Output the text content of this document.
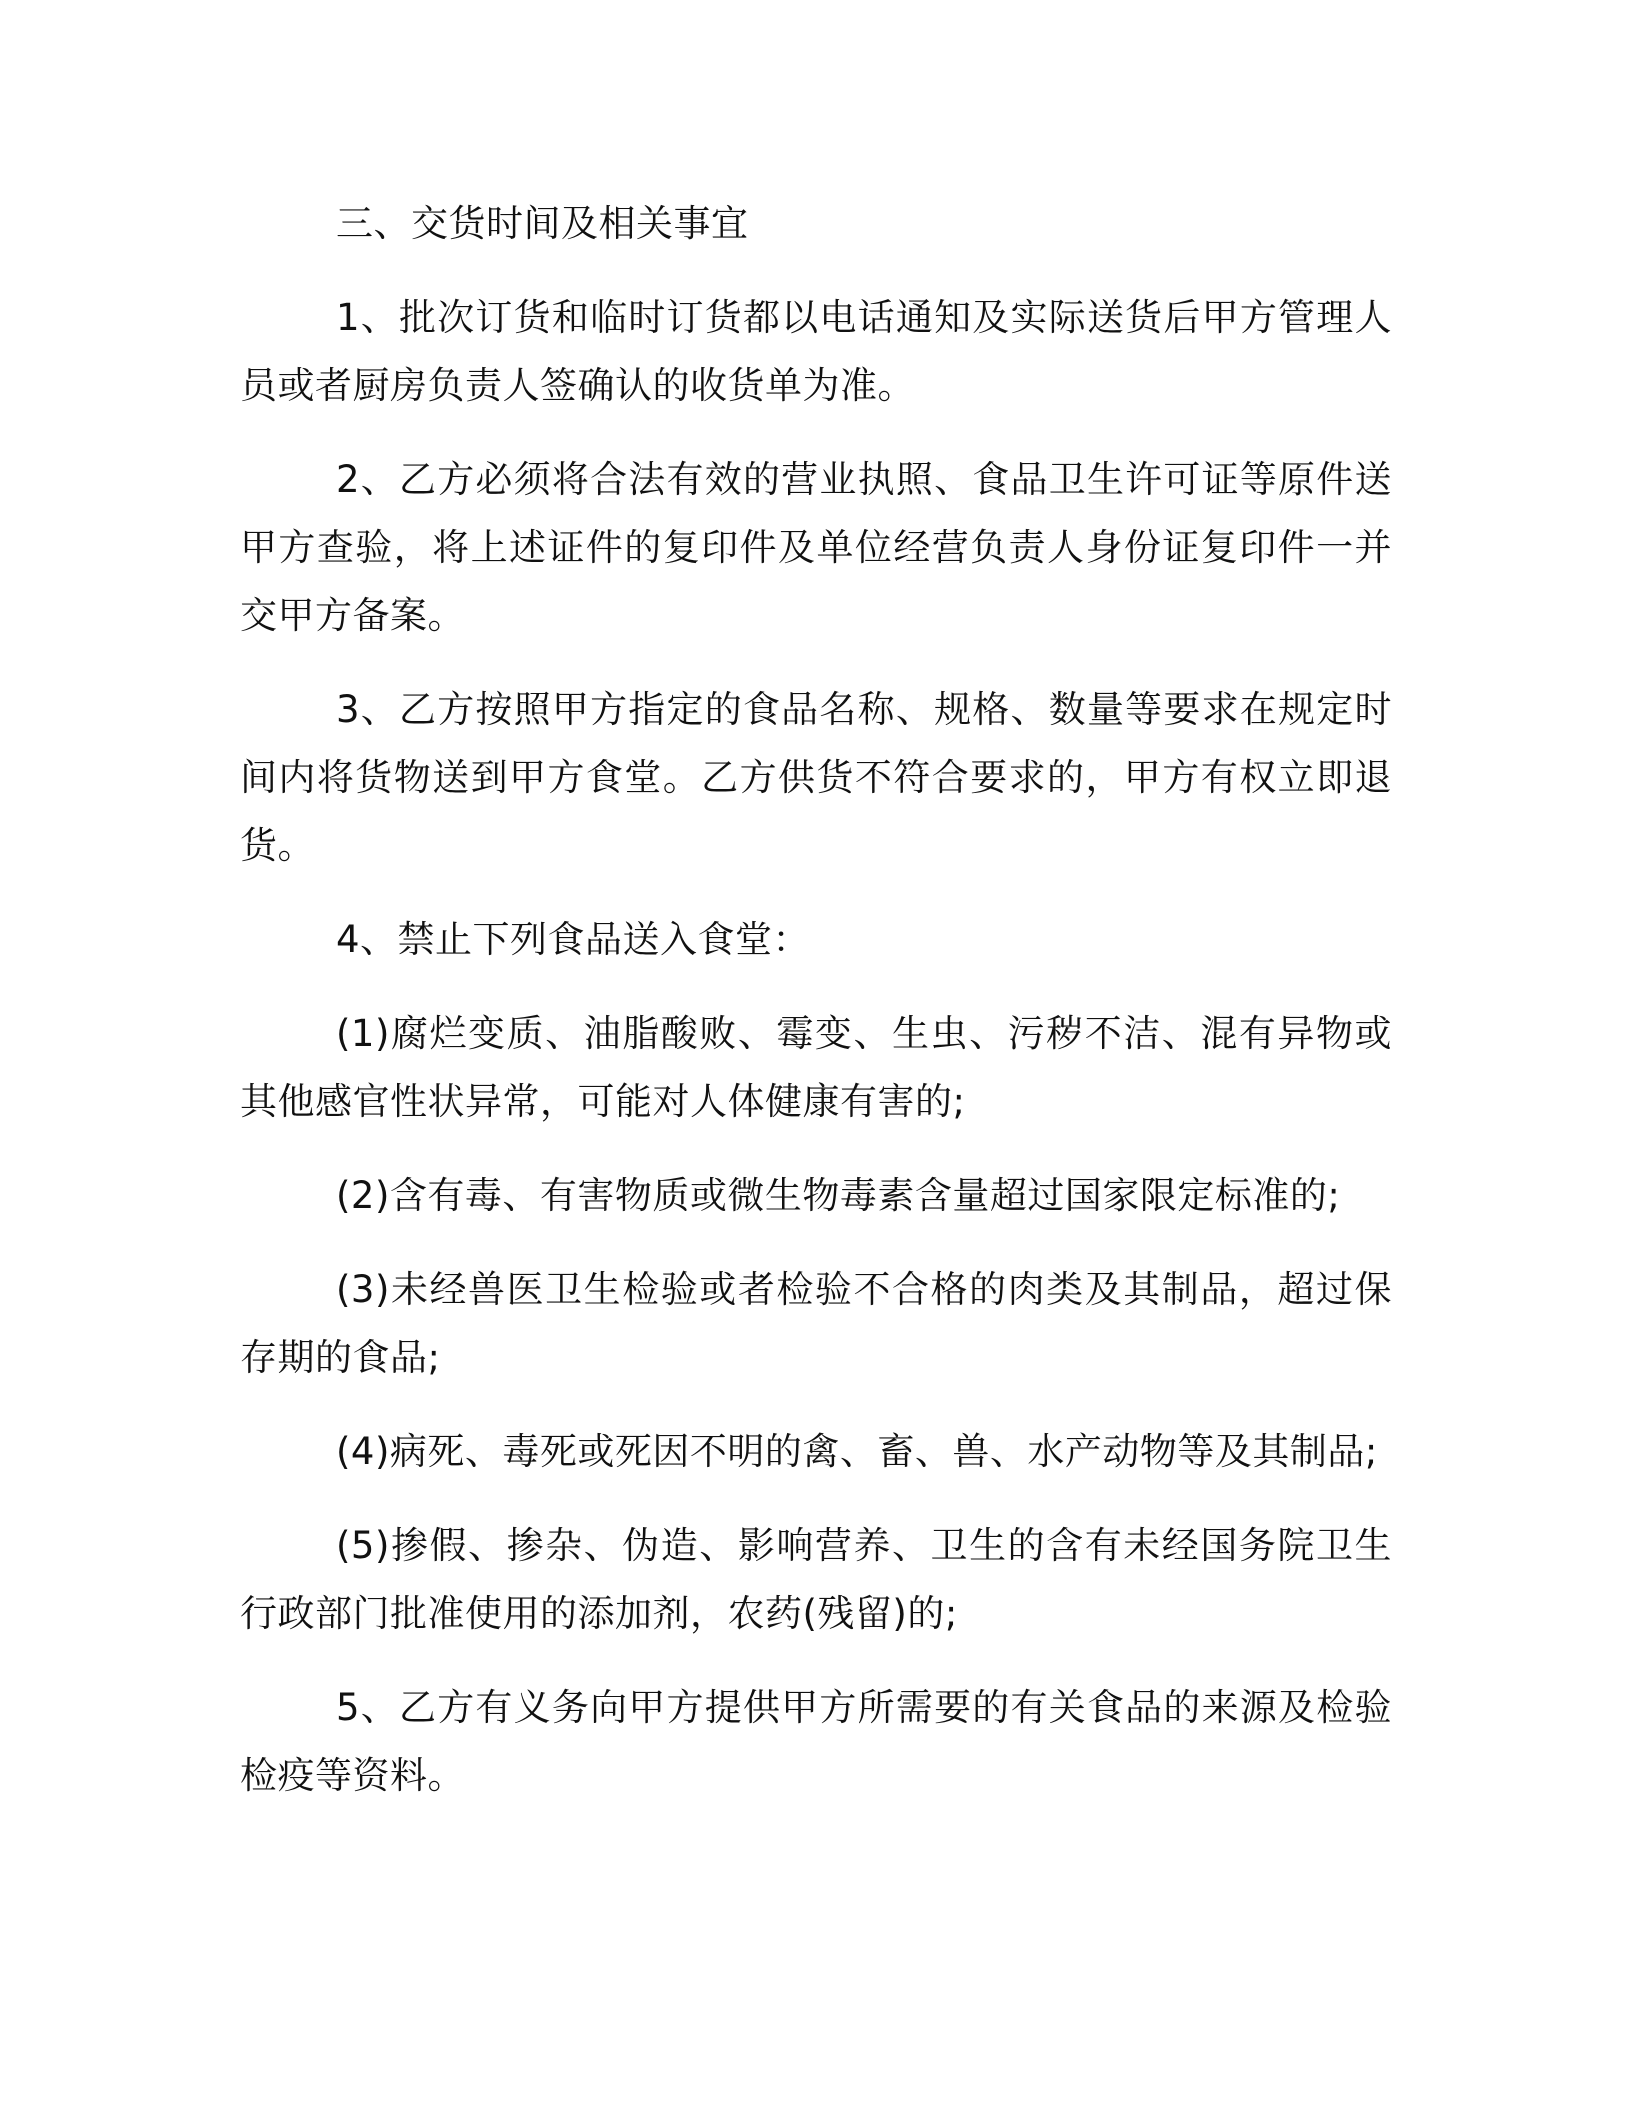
三、交货时间及相关事宜

1、批次订货和临时订货都以电话通知及实际送货后甲方管理人员或者厨房负责人签确认的收货单为准。

2、乙方必须将合法有效的营业执照、食品卫生许可证等原件送甲方查验，将上述证件的复印件及单位经营负责人身份证复印件一并交甲方备案。

3、乙方按照甲方指定的食品名称、规格、数量等要求在规定时间内将货物送到甲方食堂。乙方供货不符合要求的，甲方有权立即退货。

4、禁止下列食品送入食堂：

(1)腐烂变质、油脂酸败、霉变、生虫、污秽不洁、混有异物或其他感官性状异常，可能对人体健康有害的;

(2)含有毒、有害物质或微生物毒素含量超过国家限定标准的;

(3)未经兽医卫生检验或者检验不合格的肉类及其制品，超过保存期的食品;

(4)病死、毒死或死因不明的禽、畜、兽、水产动物等及其制品;

(5)掺假、掺杂、伪造、影响营养、卫生的含有未经国务院卫生行政部门批准使用的添加剂，农药(残留)的;

5、乙方有义务向甲方提供甲方所需要的有关食品的来源及检验检疫等资料。
